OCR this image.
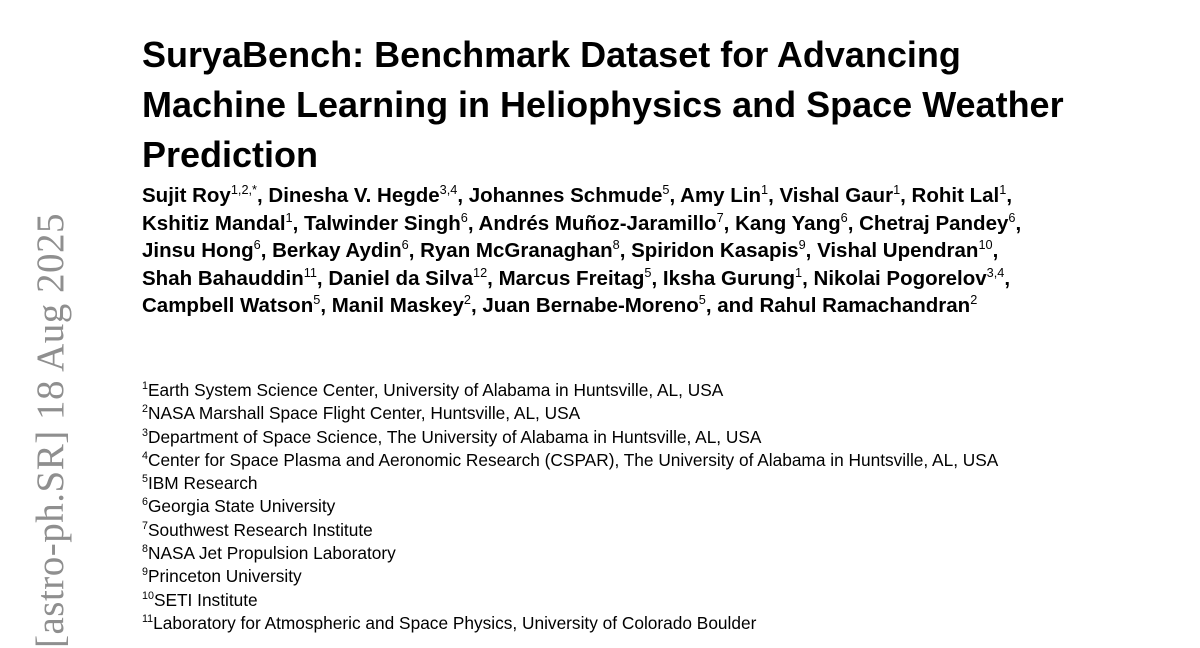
[astro-ph.SR] 18 Aug 2025
SuryaBench: Benchmark Dataset for Advancing Machine Learning in Heliophysics and Space Weather Prediction
Sujit Roy$^{1,2,*}$, Dinesha V. Hegde$^{3,4}$, Johannes Schmude$^5$, Amy Lin$^1$, Vishal Gaur$^1$, Rohit Lal$^1$, Kshitiz Mandal$^1$, Talwinder Singh$^6$, Andrés Muñoz-Jaramillo$^7$, Kang Yang$^6$, Chetraj Pandey$^6$, Jinsu Hong$^6$, Berkay Aydin$^6$, Ryan McGranaghan$^8$, Spiridon Kasapis$^9$, Vishal Upendran$^{10}$, Shah Bahauddin$^{11}$, Daniel da Silva$^{12}$, Marcus Freitag$^5$, Iksha Gurung$^1$, Nikolai Pogorelov$^{3,4}$, Campbell Watson$^5$, Manil Maskey$^2$, Juan Bernabe-Moreno$^5$, and Rahul Ramachandran$^2$
$^1$Earth System Science Center, University of Alabama in Huntsville, AL, USA
$^2$NASA Marshall Space Flight Center, Huntsville, AL, USA
$^3$Department of Space Science, The University of Alabama in Huntsville, AL, USA
$^4$Center for Space Plasma and Aeronomic Research (CSPAR), The University of Alabama in Huntsville, AL, USA
$^5$IBM Research
$^6$Georgia State University
$^7$Southwest Research Institute
$^8$NASA Jet Propulsion Laboratory
$^9$Princeton University
$^{10}$SETI Institute
$^{11}$Laboratory for Atmospheric and Space Physics, University of Colorado Boulder
